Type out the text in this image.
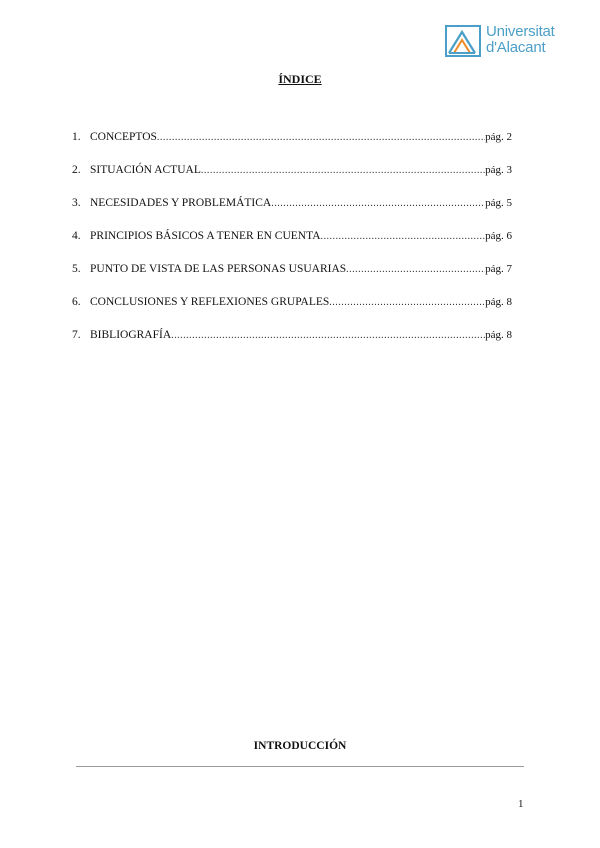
Universitat
d'Alacant
ÍNDICE
1. CONCEPTOS .....	pág. 2
2. SITUACIÓN ACTUAL .....	pág. 3
3. NECESIDADES Y PROBLEMÁTICA .....	pág. 5
4. PRINCIPIOS BÁSICOS A TENER EN CUENTA .....	pág. 6
5. PUNTO DE VISTA DE LAS PERSONAS USUARIAS .....	pág. 7
6. CONCLUSIONES Y REFLEXIONES GRUPALES .....	pág. 8
7. BIBLIOGRAFÍA .....	pág. 8
INTRODUCCIÓN
1
